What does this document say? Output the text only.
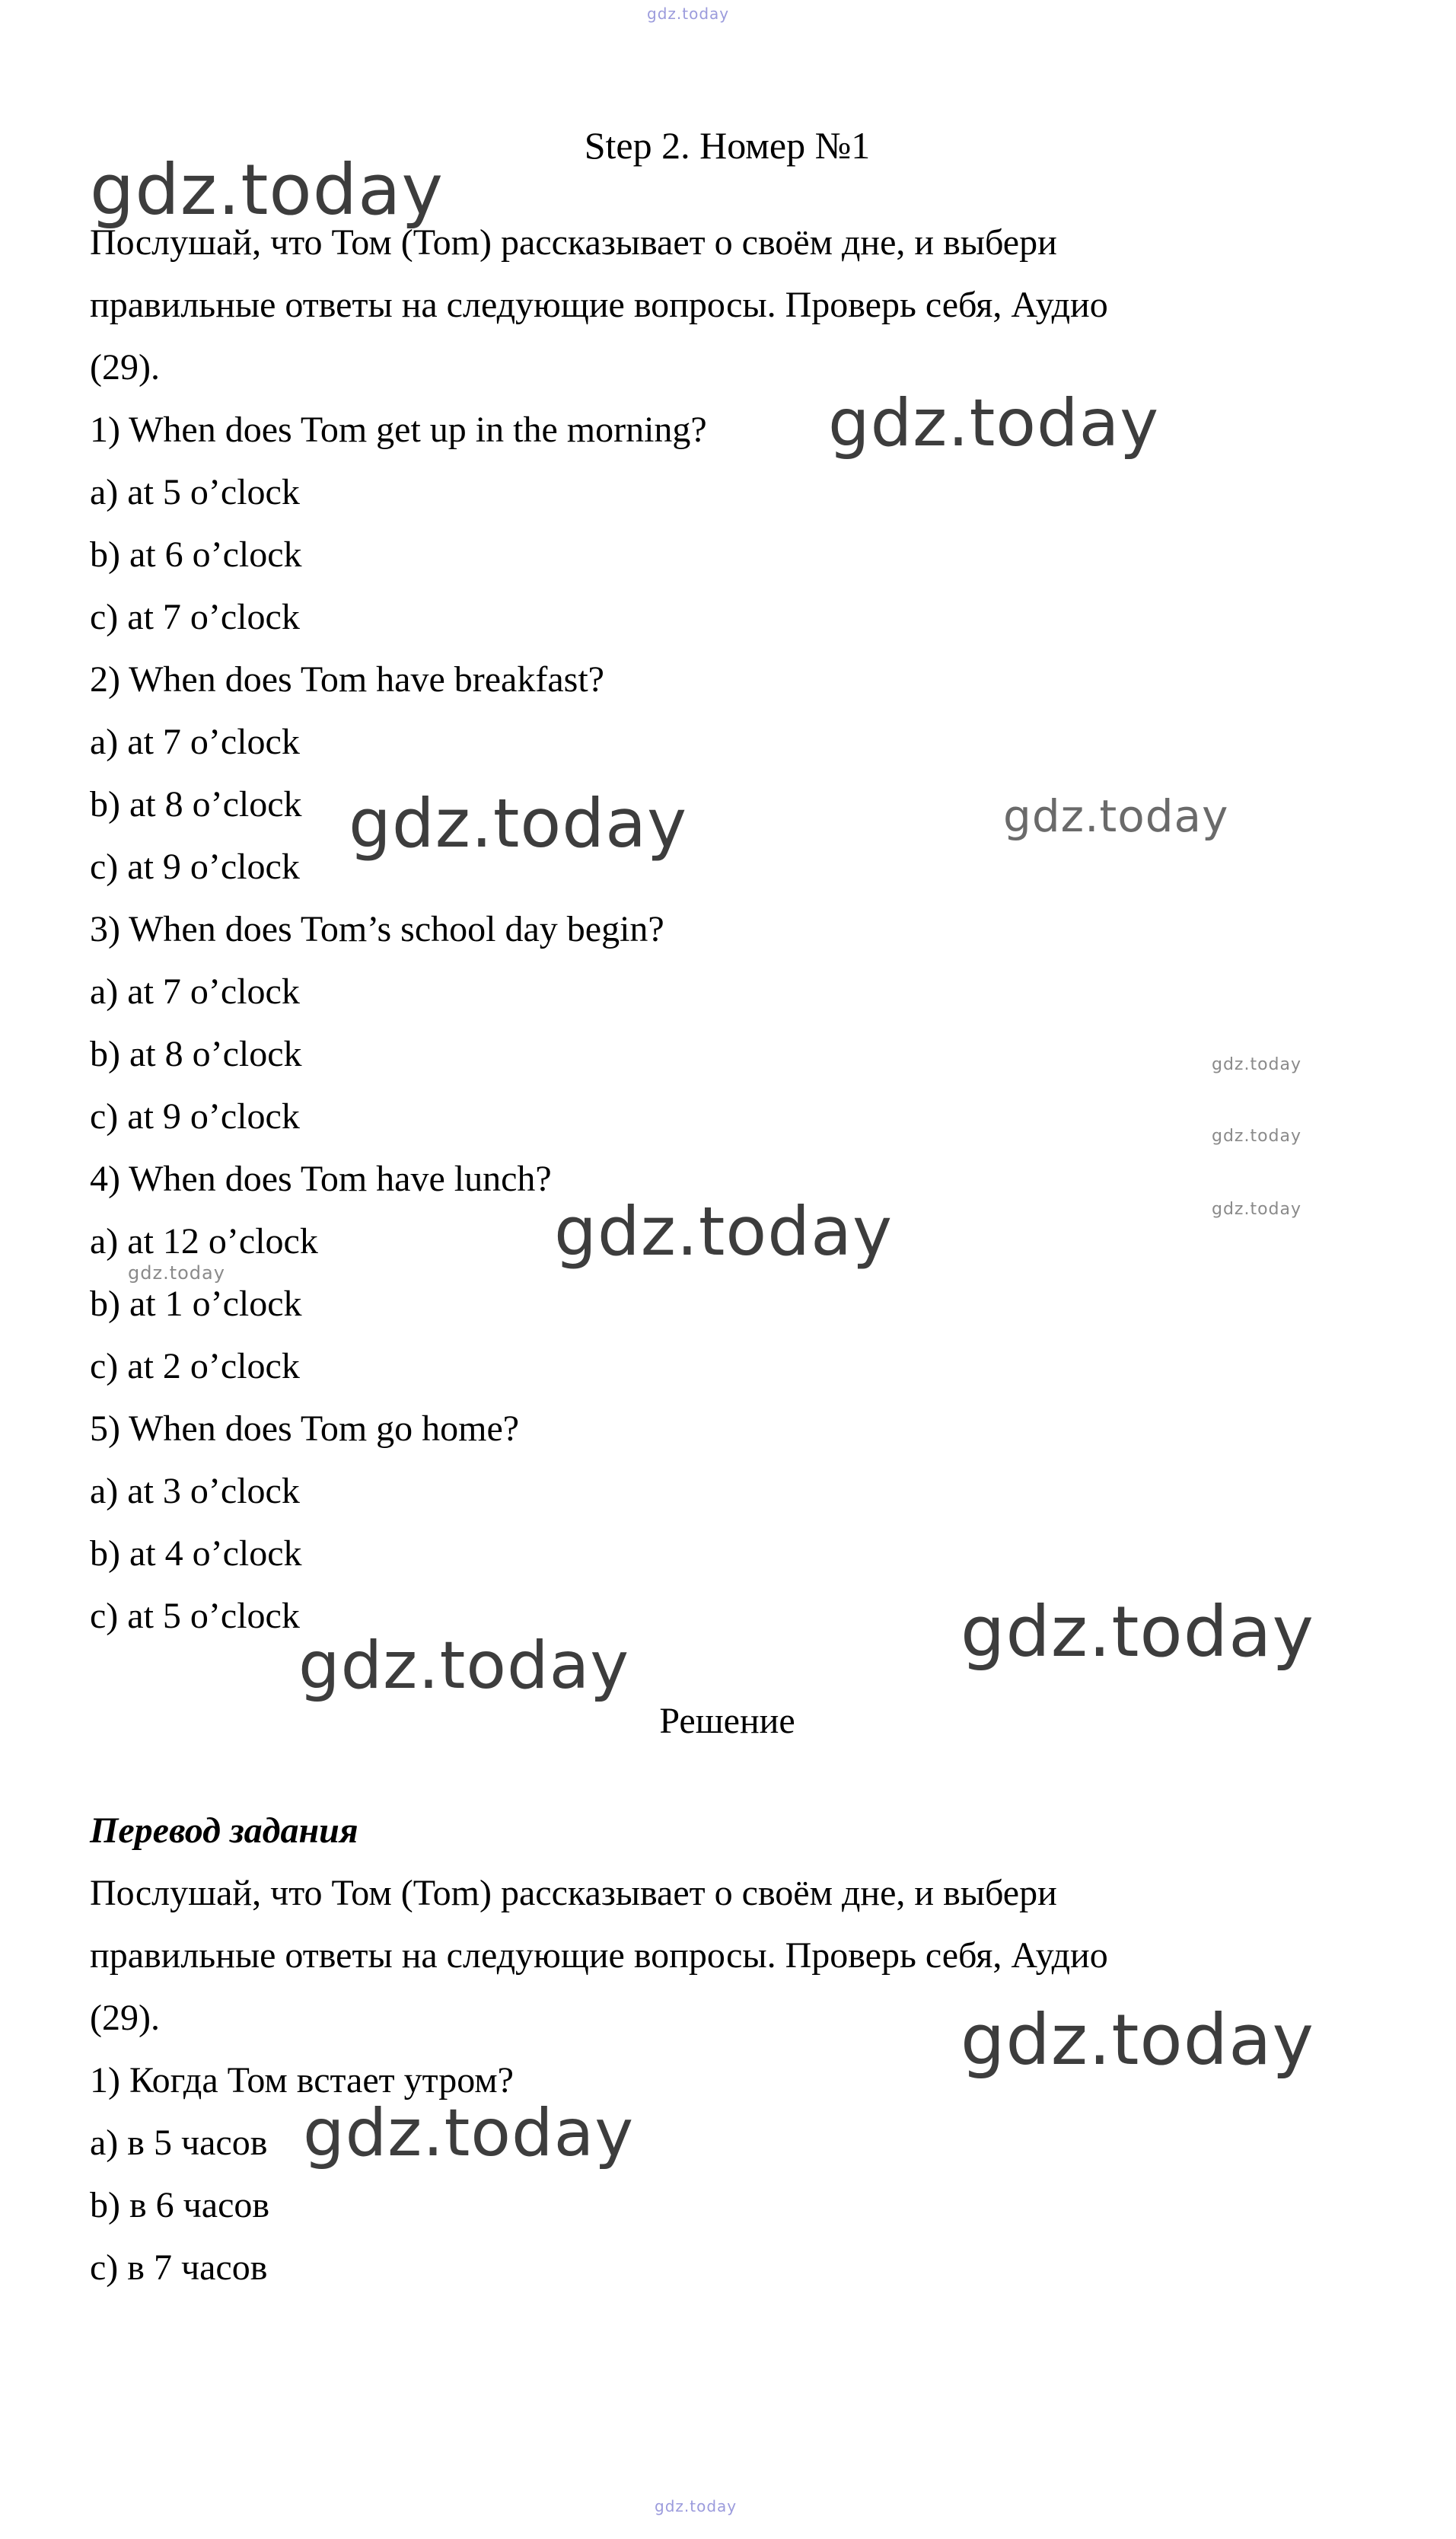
gdz.today
gdz.today
gdz.today
gdz.today	gdz.today
gdz.today
gdz.today
gdz.today	gdz.today
gdz.today
gdz.today
gdz.today
gdz.today
gdz.today
gdz.today
Step 2. Номер №1
Послушай, что Том (Tom) рассказывает о своём дне, и выбери
правильные ответы на следующие вопросы. Проверь себя, Аудио
(29).
1) When does Tom get up in the morning?
a) at 5 o’clock
b) at 6 o’clock
c) at 7 o’clock
2) When does Tom have breakfast?
a) at 7 o’clock
b) at 8 o’clock
c) at 9 o’clock
3) When does Tom’s school day begin?
a) at 7 o’clock
b) at 8 o’clock
c) at 9 o’clock
4) When does Tom have lunch?
a) at 12 o’clock
b) at 1 o’clock
c) at 2 o’clock
5) When does Tom go home?
a) at 3 o’clock
b) at 4 o’clock
c) at 5 o’clock
Решение
Перевод задания
Послушай, что Том (Tom) рассказывает о своём дне, и выбери
правильные ответы на следующие вопросы. Проверь себя, Аудио
(29).
1) Когда Том встает утром?
a) в 5 часов
b) в 6 часов
c) в 7 часов
